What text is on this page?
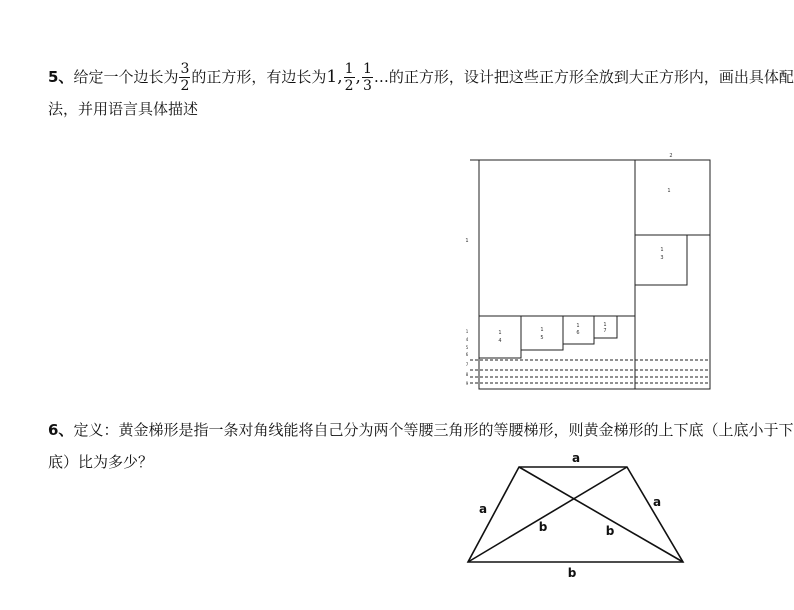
5、 给定一个边长为 $\frac{3}{2}$ 的正方形，有边长为 1, $\frac{1}{2}$ , $\frac{1}{3}$ … 的正方形，设计把这些正方形全放到大正方形内，画出具体配
法，并用语言具体描述
2
1
1
1
3
1
4
1
5
1
6
1
7
1
4
5
6
7
8
9
6、定义：黄金梯形是指一条对角线能将自己分为两个等腰三角形的等腰梯形，则黄金梯形的上下底（上底小于下
底）比为多少？	a
a	a
b
b	b
